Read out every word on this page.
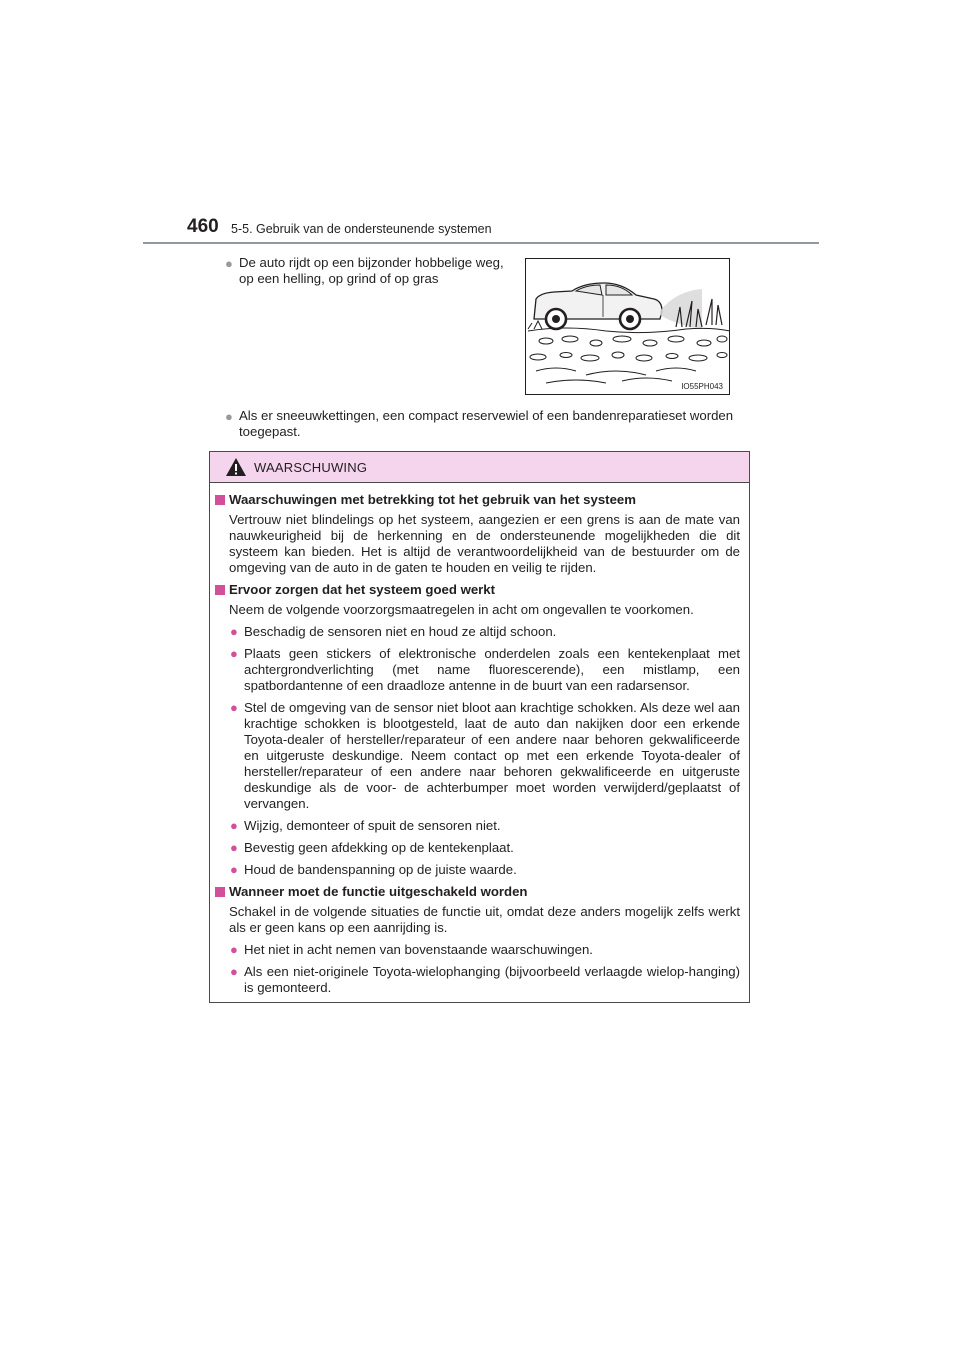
460 5-5. Gebruik van de ondersteunende systemen
● De auto rijdt op een bijzonder hobbelige weg,
op een helling, op grind of op gras
IO55PH043
● Als er sneeuwkettingen, een compact reservewiel of een bandenreparatieset worden
toegepast.
WAARSCHUWING
Waarschuwingen met betrekking tot het gebruik van het systeem
Vertrouw niet blindelings op het systeem, aangezien er een grens is aan de mate van nauwkeurigheid bij de herkenning en de ondersteunende mogelijkheden die dit systeem kan bieden. Het is altijd de verantwoordelijkheid van de bestuurder om de omgeving van de auto in de gaten te houden en veilig te rijden.
Ervoor zorgen dat het systeem goed werkt
Neem de volgende voorzorgsmaatregelen in acht om ongevallen te voorkomen.
● Beschadig de sensoren niet en houd ze altijd schoon.
● Plaats geen stickers of elektronische onderdelen zoals een kentekenplaat met achtergrondverlichting (met name fluorescerende), een mistlamp, een spatbordantenne of een draadloze antenne in de buurt van een radarsensor.
● Stel de omgeving van de sensor niet bloot aan krachtige schokken. Als deze wel aan krachtige schokken is blootgesteld, laat de auto dan nakijken door een erkende Toyota-dealer of hersteller/reparateur of een andere naar behoren gekwalificeerde en uitgeruste deskundige. Neem contact op met een erkende Toyota-dealer of hersteller/reparateur of een andere naar behoren gekwalificeerde en uitgeruste deskundige als de voor- de achterbumper moet worden verwijderd/geplaatst of vervangen.
● Wijzig, demonteer of spuit de sensoren niet.
● Bevestig geen afdekking op de kentekenplaat.
● Houd de bandenspanning op de juiste waarde.
Wanneer moet de functie uitgeschakeld worden
Schakel in de volgende situaties de functie uit, omdat deze anders mogelijk zelfs werkt als er geen kans op een aanrijding is.
● Het niet in acht nemen van bovenstaande waarschuwingen.
● Als een niet-originele Toyota-wielophanging (bijvoorbeeld verlaagde wielop-hanging) is gemonteerd.
